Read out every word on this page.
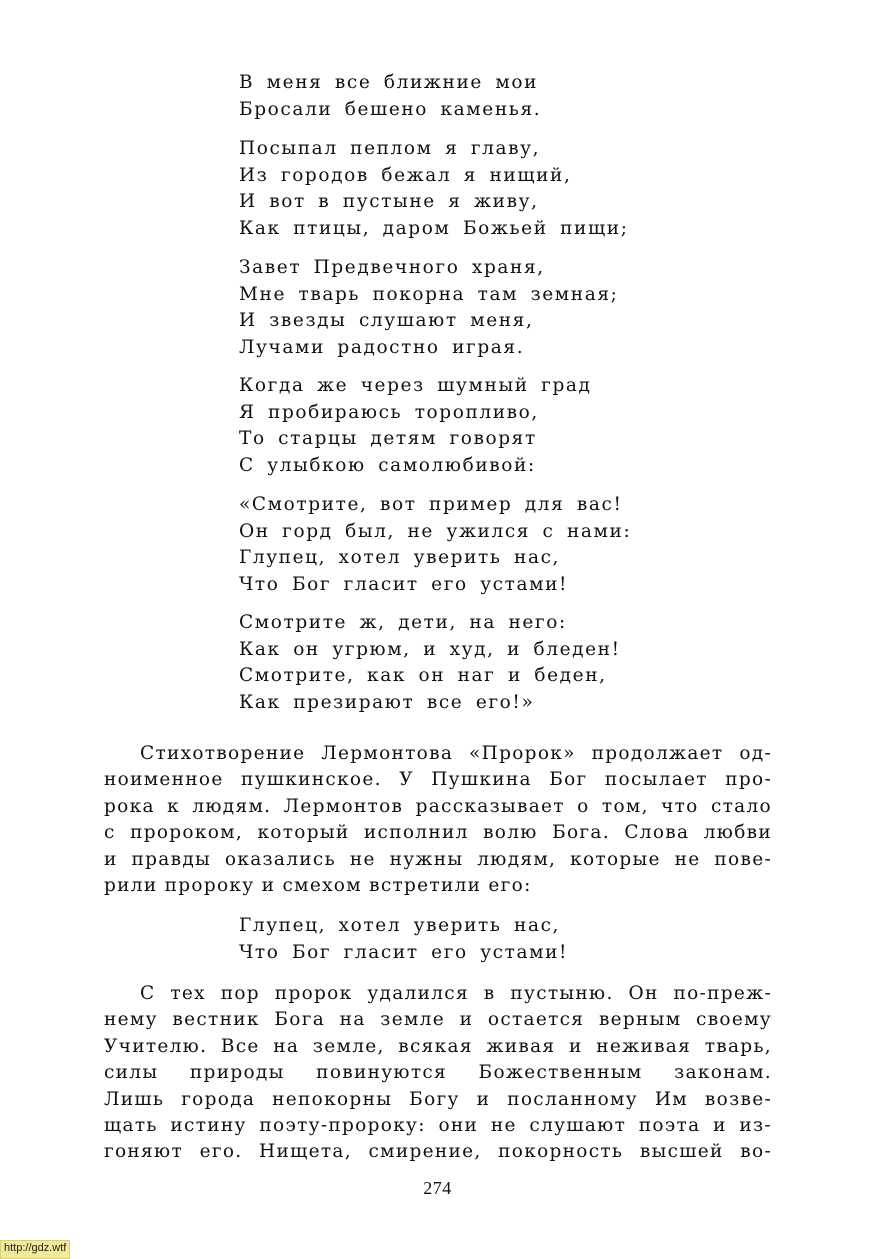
В меня все ближние мои
Бросали бешено каменья.
Посыпал пеплом я главу,
Из городов бежал я нищий,
И вот в пустыне я живу,
Как птицы, даром Божьей пищи;
Завет Предвечного храня,
Мне тварь покорна там земная;
И звезды слушают меня,
Лучами радостно играя.
Когда же через шумный град
Я пробираюсь торопливо,
То старцы детям говорят
С улыбкою самолюбивой:
«Смотрите, вот пример для вас!
Он горд был, не ужился с нами:
Глупец, хотел уверить нас,
Что Бог гласит его устами!
Смотрите ж, дети, на него:
Как он угрюм, и худ, и бледен!
Смотрите, как он наг и беден,
Как презирают все его!»
Стихотворение Лермонтова «Пророк» продолжает од-
ноименное пушкинское. У Пушкина Бог посылает про-
рока к людям. Лермонтов рассказывает о том, что стало
с пророком, который исполнил волю Бога. Слова любви
и правды оказались не нужны людям, которые не пове-
рили пророку и смехом встретили его:
Глупец, хотел уверить нас,
Что Бог гласит его устами!
С тех пор пророк удалился в пустыню. Он по-преж-
нему вестник Бога на земле и остается верным своему
Учителю. Все на земле, всякая живая и неживая тварь,
силы природы повинуются Божественным законам.
Лишь города непокорны Богу и посланному Им возве-
щать истину поэту-пророку: они не слушают поэта и из-
гоняют его. Нищета, смирение, покорность высшей во-
274
http://gdz.wtf
